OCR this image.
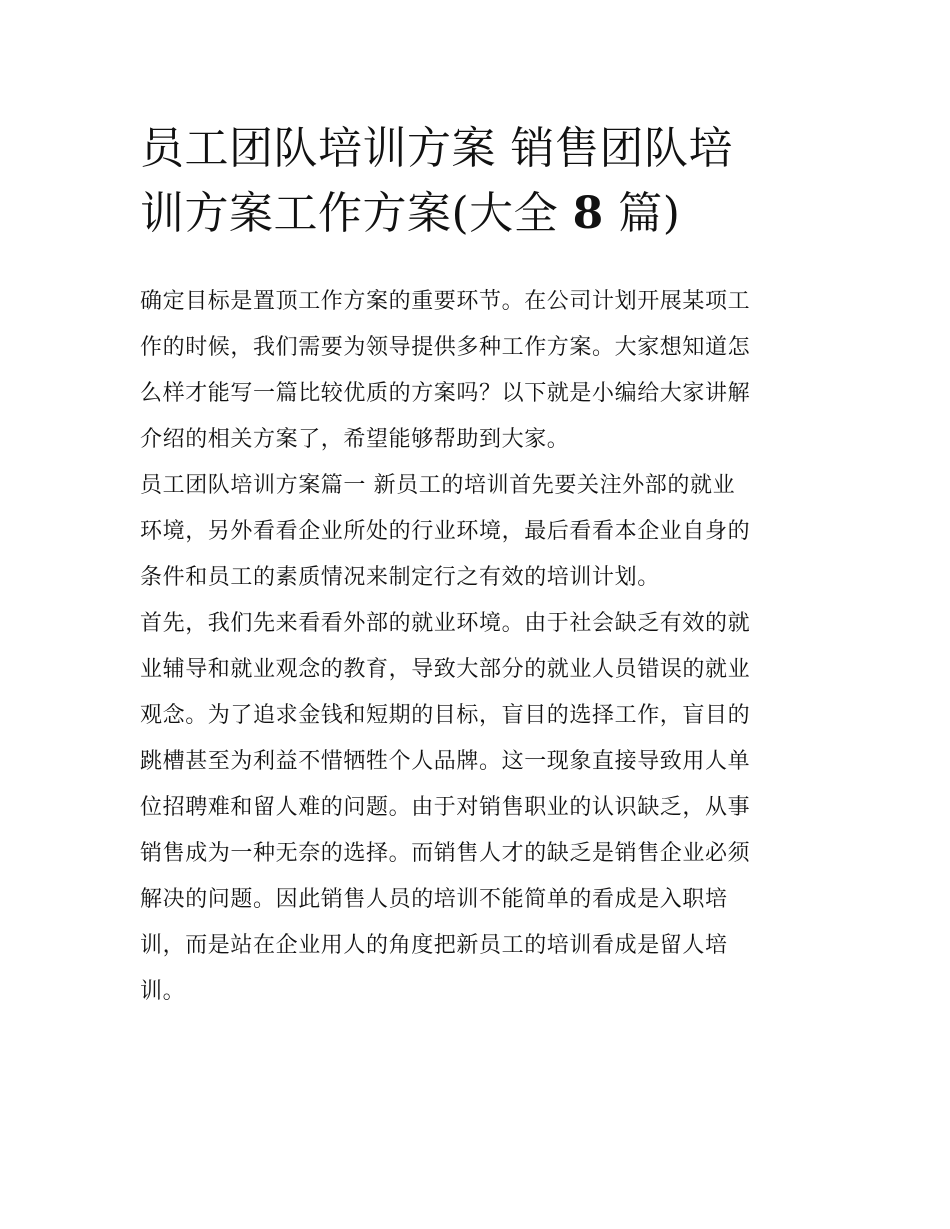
员工团队培训方案 销售团队培
训方案工作方案(大全 8 篇)

确定目标是置顶工作方案的重要环节。在公司计划开展某项工
作的时候，我们需要为领导提供多种工作方案。大家想知道怎
么样才能写一篇比较优质的方案吗？以下就是小编给大家讲解
介绍的相关方案了，希望能够帮助到大家。

员工团队培训方案篇一 新员工的培训首先要关注外部的就业
环境，另外看看企业所处的行业环境，最后看看本企业自身的
条件和员工的素质情况来制定行之有效的培训计划。

首先，我们先来看看外部的就业环境。由于社会缺乏有效的就
业辅导和就业观念的教育，导致大部分的就业人员错误的就业
观念。为了追求金钱和短期的目标，盲目的选择工作，盲目的
跳槽甚至为利益不惜牺牲个人品牌。这一现象直接导致用人单
位招聘难和留人难的问题。由于对销售职业的认识缺乏，从事
销售成为一种无奈的选择。而销售人才的缺乏是销售企业必须
解决的问题。因此销售人员的培训不能简单的看成是入职培
训，而是站在企业用人的角度把新员工的培训看成是留人培
训。
